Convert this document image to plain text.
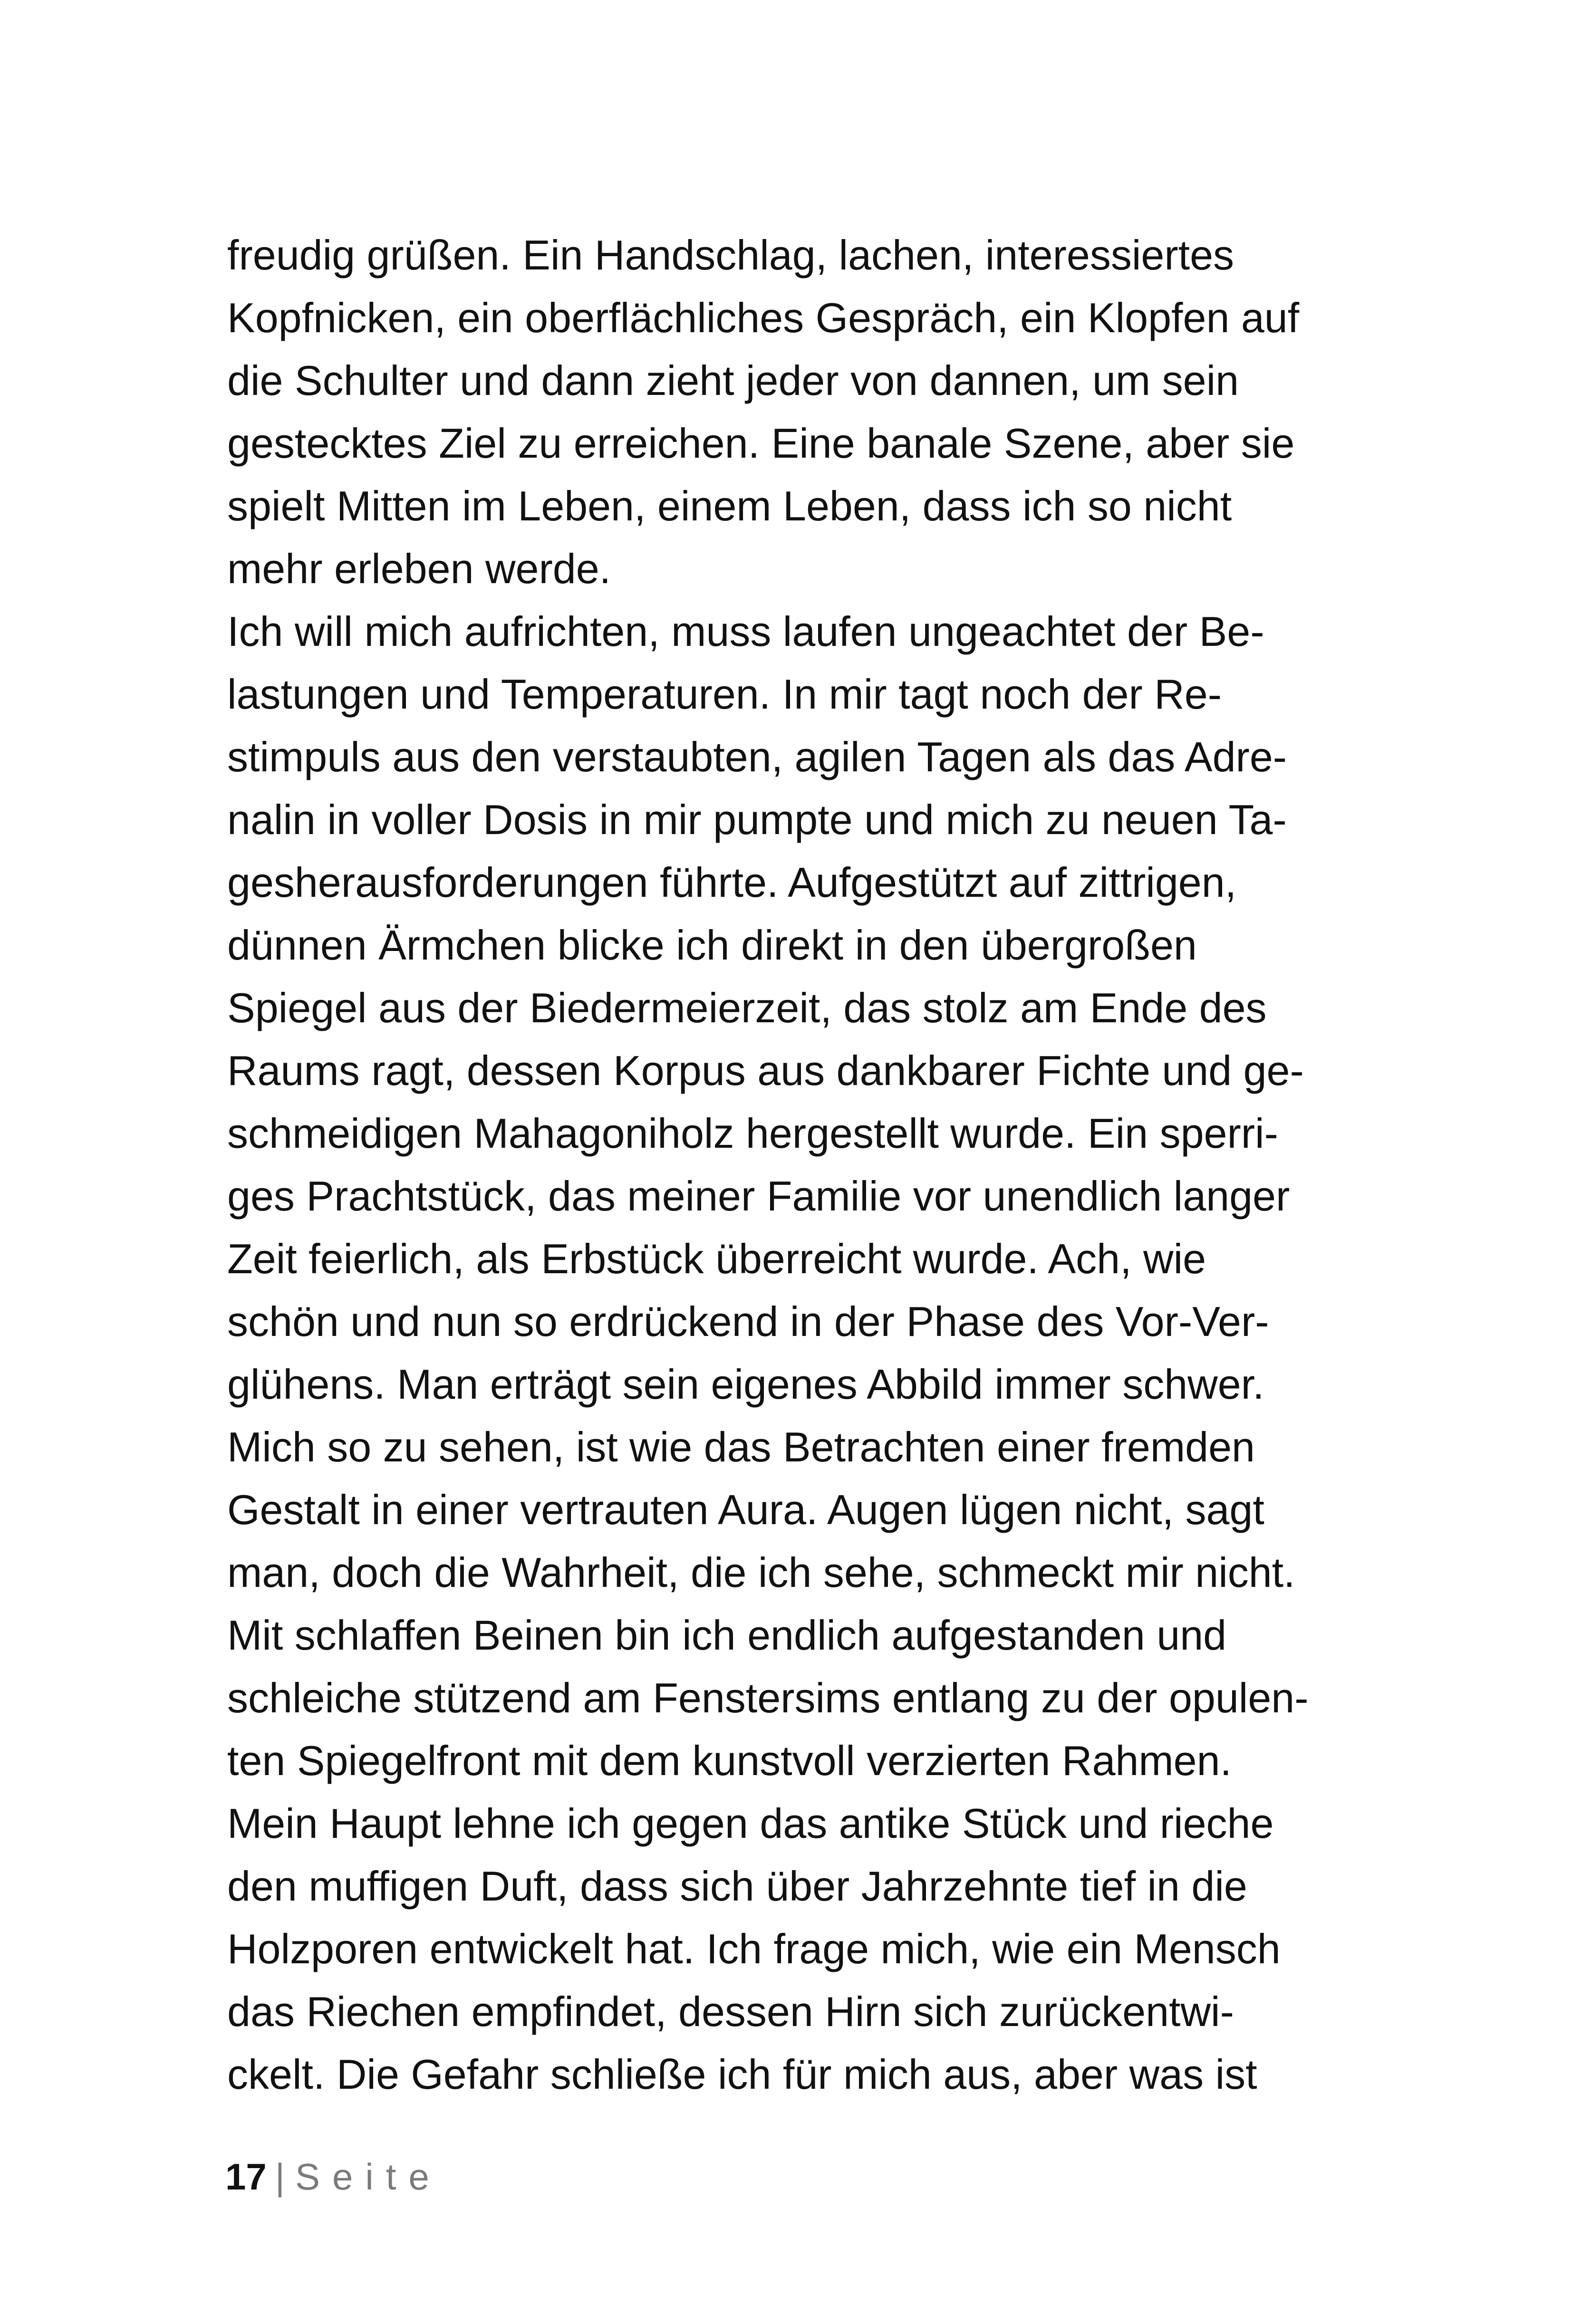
freudig grüßen. Ein Handschlag, lachen, interessiertes
Kopfnicken, ein oberflächliches Gespräch, ein Klopfen auf
die Schulter und dann zieht jeder von dannen, um sein
gestecktes Ziel zu erreichen. Eine banale Szene, aber sie
spielt Mitten im Leben, einem Leben, dass ich so nicht
mehr erleben werde.
Ich will mich aufrichten, muss laufen ungeachtet der Be-
lastungen und Temperaturen. In mir tagt noch der Re-
stimpuls aus den verstaubten, agilen Tagen als das Adre-
nalin in voller Dosis in mir pumpte und mich zu neuen Ta-
gesherausforderungen führte. Aufgestützt auf zittrigen,
dünnen Ärmchen blicke ich direkt in den übergroßen
Spiegel aus der Biedermeierzeit, das stolz am Ende des
Raums ragt, dessen Korpus aus dankbarer Fichte und ge-
schmeidigen Mahagoniholz hergestellt wurde. Ein sperri-
ges Prachtstück, das meiner Familie vor unendlich langer
Zeit feierlich, als Erbstück überreicht wurde. Ach, wie
schön und nun so erdrückend in der Phase des Vor-Ver-
glühens. Man erträgt sein eigenes Abbild immer schwer.
Mich so zu sehen, ist wie das Betrachten einer fremden
Gestalt in einer vertrauten Aura. Augen lügen nicht, sagt
man, doch die Wahrheit, die ich sehe, schmeckt mir nicht.
Mit schlaffen Beinen bin ich endlich aufgestanden und
schleiche stützend am Fenstersims entlang zu der opulen-
ten Spiegelfront mit dem kunstvoll verzierten Rahmen.
Mein Haupt lehne ich gegen das antike Stück und rieche
den muffigen Duft, dass sich über Jahrzehnte tief in die
Holzporen entwickelt hat. Ich frage mich, wie ein Mensch
das Riechen empfindet, dessen Hirn sich zurückentwi-
ckelt. Die Gefahr schließe ich für mich aus, aber was ist
17 | Seite
